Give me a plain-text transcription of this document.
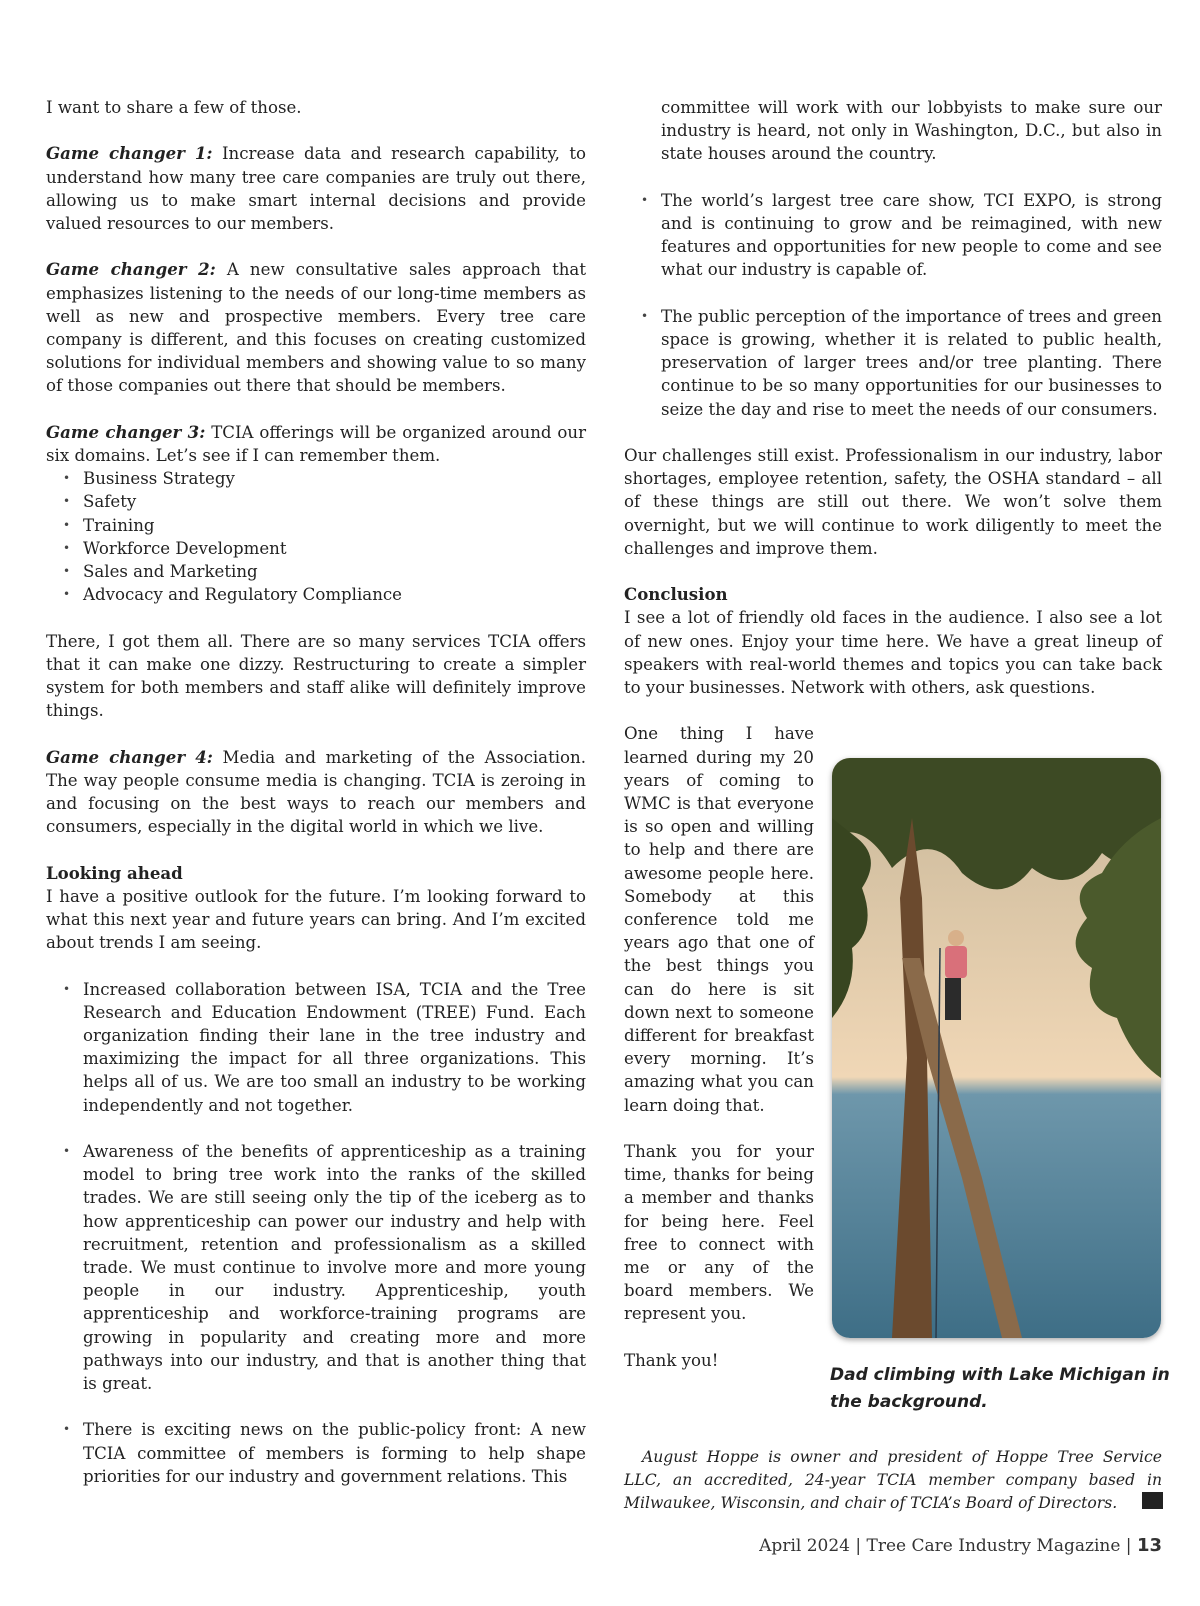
I want to share a few of those.

Game changer 1: Increase data and research capability, to understand how many tree care companies are truly out there, allowing us to make smart internal decisions and provide valued resources to our members.

Game changer 2: A new consultative sales approach that emphasizes listening to the needs of our long-time members as well as new and prospective members. Every tree care company is different, and this focuses on creating customized solutions for individual members and showing value to so many of those companies out there that should be members.

Game changer 3: TCIA offerings will be organized around our six domains. Let’s see if I can remember them.

• Business Strategy
• Safety
• Training
• Workforce Development
• Sales and Marketing
• Advocacy and Regulatory Compliance

There, I got them all. There are so many services TCIA offers that it can make one dizzy. Restructuring to create a simpler system for both members and staff alike will definitely improve things.

Game changer 4: Media and marketing of the Association. The way people consume media is changing. TCIA is zeroing in and focusing on the best ways to reach our members and consumers, especially in the digital world in which we live.

Looking ahead

I have a positive outlook for the future. I’m looking forward to what this next year and future years can bring. And I’m excited about trends I am seeing.

• Increased collaboration between ISA, TCIA and the Tree Research and Education Endowment (TREE) Fund. Each organization finding their lane in the tree industry and maximizing the impact for all three organizations. This helps all of us. We are too small an industry to be working independently and not together.
• Awareness of the benefits of apprenticeship as a training model to bring tree work into the ranks of the skilled trades. We are still seeing only the tip of the iceberg as to how apprenticeship can power our industry and help with recruitment, retention and professionalism as a skilled trade. We must continue to involve more and more young people in our industry. Apprenticeship, youth apprenticeship and workforce-training programs are growing in popularity and creating more and more pathways into our industry, and that is another thing that is great.
• There is exciting news on the public-policy front: A new TCIA committee of members is forming to help shape priorities for our industry and government relations. This
committee will work with our lobbyists to make sure our industry is heard, not only in Washington, D.C., but also in state houses around the country.
• The world’s largest tree care show, TCI EXPO, is strong and is continuing to grow and be reimagined, with new features and opportunities for new people to come and see what our industry is capable of.
• The public perception of the importance of trees and green space is growing, whether it is related to public health, preservation of larger trees and/or tree planting. There continue to be so many opportunities for our businesses to seize the day and rise to meet the needs of our consumers.

Our challenges still exist. Professionalism in our industry, labor shortages, employee retention, safety, the OSHA standard – all of these things are still out there. We won’t solve them overnight, but we will continue to work diligently to meet the challenges and improve them.

Conclusion

I see a lot of friendly old faces in the audience. I also see a lot of new ones. Enjoy your time here. We have a great lineup of speakers with real-world themes and topics you can take back to your businesses. Network with others, ask questions.

One thing I have learned during my 20 years of coming to WMC is that everyone is so open and willing to help and there are awesome people here. Somebody at this conference told me years ago that one of the best things you can do here is sit down next to someone different for breakfast every morning. It’s amazing what you can learn doing that.

Thank you for your time, thanks for being a member and thanks for being here. Feel free to connect with me or any of the board members. We represent you.

Thank you!

Dad climbing with Lake Michigan in the background.
August Hoppe is owner and president of Hoppe Tree Service LLC, an accredited, 24-year TCIA member company based in Milwaukee, Wisconsin, and chair of TCIA’s Board of Directors.
April 2024 | Tree Care Industry Magazine | 13
